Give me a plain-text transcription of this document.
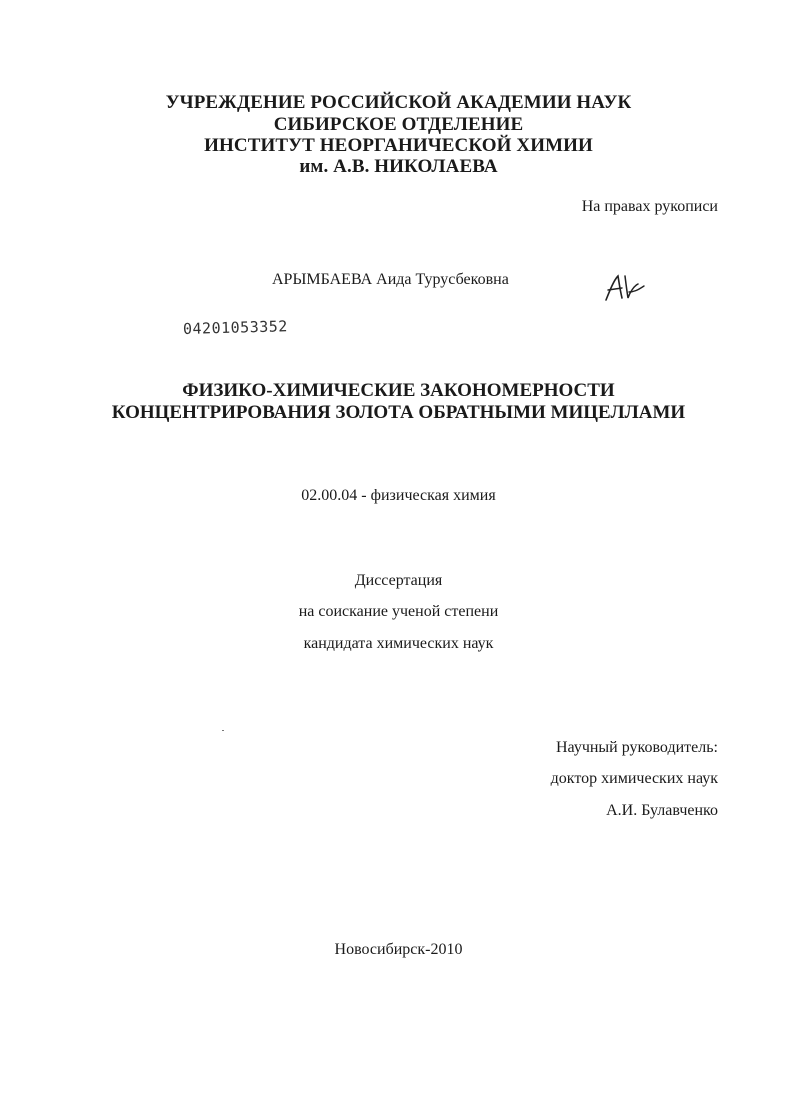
УЧРЕЖДЕНИЕ РОССИЙСКОЙ АКАДЕМИИ НАУК
СИБИРСКОЕ ОТДЕЛЕНИЕ
ИНСТИТУТ НЕОРГАНИЧЕСКОЙ ХИМИИ
им. А.В. НИКОЛАЕВА
На правах рукописи
АРЫМБАЕВА Аида Турусбековна
04201053352
ФИЗИКО-ХИМИЧЕСКИЕ ЗАКОНОМЕРНОСТИ
КОНЦЕНТРИРОВАНИЯ ЗОЛОТА ОБРАТНЫМИ МИЦЕЛЛАМИ
02.00.04 - физическая химия
Диссертация
на соискание ученой степени
кандидата химических наук
Научный руководитель:
доктор химических наук
А.И. Булавченко
Новосибирск-2010
